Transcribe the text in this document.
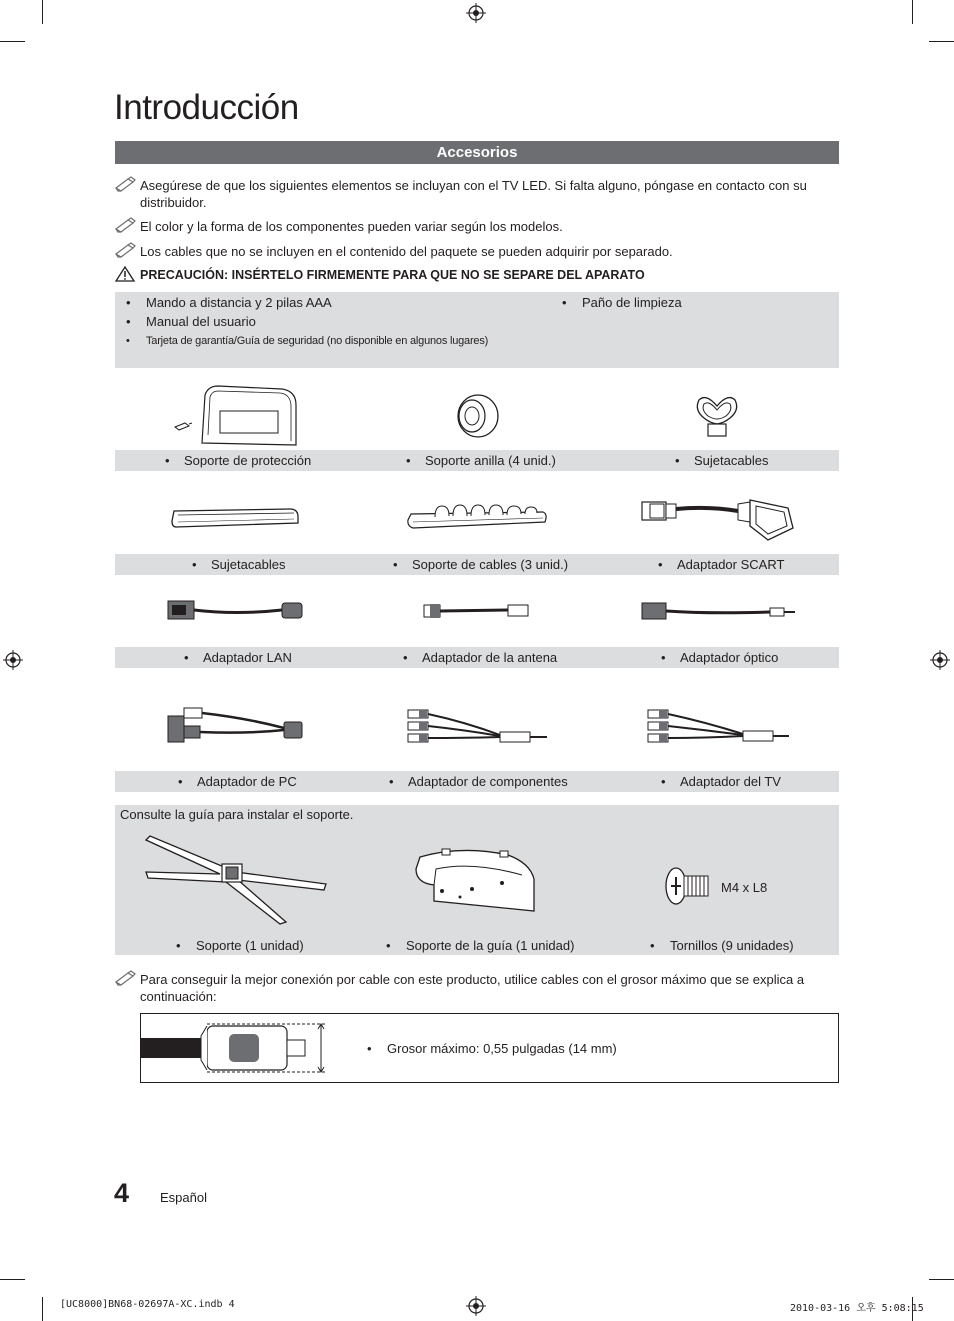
Introducción
Accesorios
Asegúrese de que los siguientes elementos se incluyan con el TV LED. Si falta alguno, póngase en contacto con su distribuidor.
El color y la forma de los componentes pueden variar según los modelos.
Los cables que no se incluyen en el contenido del paquete se pueden adquirir por separado.
PRECAUCIÓN: INSÉRTELO FIRMEMENTE PARA QUE NO SE SEPARE DEL APARATO
• Mando a distancia y 2 pilas AAA
• Manual del usuario
• Tarjeta de garantía/Guía de seguridad (no disponible en algunos lugares)
• Paño de limpieza
• Soporte de protección	• Soporte anilla (4 unid.)	• Sujetacables
• Sujetacables	• Soporte de cables (3 unid.)	• Adaptador SCART
• Adaptador LAN	• Adaptador de la antena	• Adaptador óptico
• Adaptador de PC	• Adaptador de componentes	• Adaptador del TV
Consulte la guía para instalar el soporte.
M4 x L8
• Soporte (1 unidad)	• Soporte de la guía (1 unidad)	• Tornillos (9 unidades)
Para conseguir la mejor conexión por cable con este producto, utilice cables con el grosor máximo que se explica a continuación:
• Grosor máximo: 0,55 pulgadas (14 mm)
4 Español
[UC8000]BN68-02697A-XC.indb 4	2010-03-16 오후 5:08:15
